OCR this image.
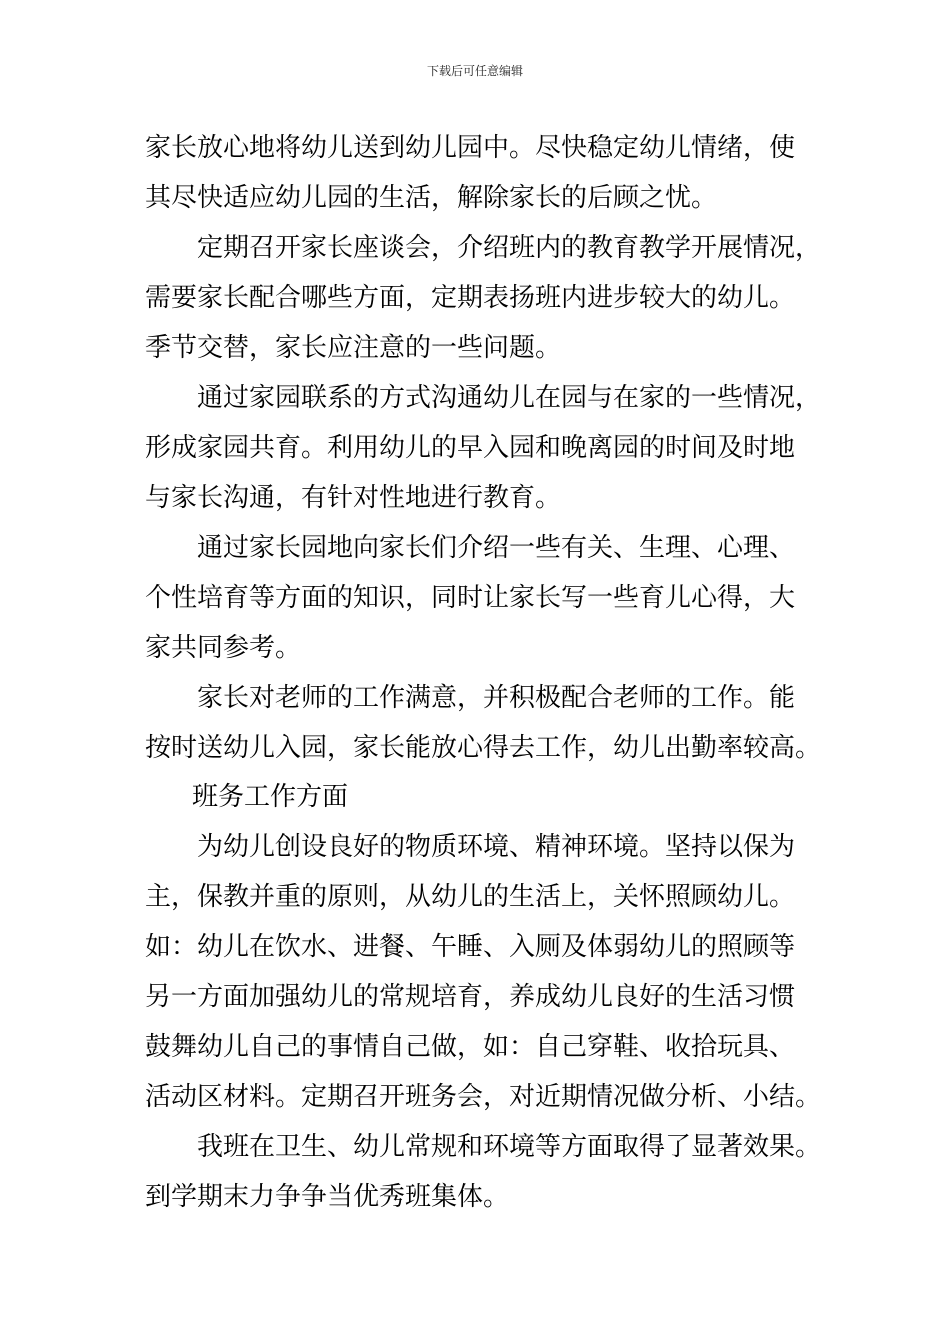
下载后可任意编辑
家长放心地将幼儿送到幼儿园中。尽快稳定幼儿情绪，使
其尽快适应幼儿园的生活，解除家长的后顾之忧。
定期召开家长座谈会，介绍班内的教育教学开展情况，
需要家长配合哪些方面，定期表扬班内进步较大的幼儿。
季节交替，家长应注意的一些问题。
通过家园联系的方式沟通幼儿在园与在家的一些情况，
形成家园共育。利用幼儿的早入园和晚离园的时间及时地
与家长沟通，有针对性地进行教育。
通过家长园地向家长们介绍一些有关、生理、心理、
个性培育等方面的知识，同时让家长写一些育儿心得，大
家共同参考。
家长对老师的工作满意，并积极配合老师的工作。能
按时送幼儿入园，家长能放心得去工作，幼儿出勤率较高。
班务工作方面
为幼儿创设良好的物质环境、精神环境。坚持以保为
主，保教并重的原则，从幼儿的生活上，关怀照顾幼儿。
如：幼儿在饮水、进餐、午睡、入厕及体弱幼儿的照顾等
另一方面加强幼儿的常规培育，养成幼儿良好的生活习惯
鼓舞幼儿自己的事情自己做，如：自己穿鞋、收拾玩具、
活动区材料。定期召开班务会，对近期情况做分析、小结。
我班在卫生、幼儿常规和环境等方面取得了显著效果。
到学期末力争争当优秀班集体。
